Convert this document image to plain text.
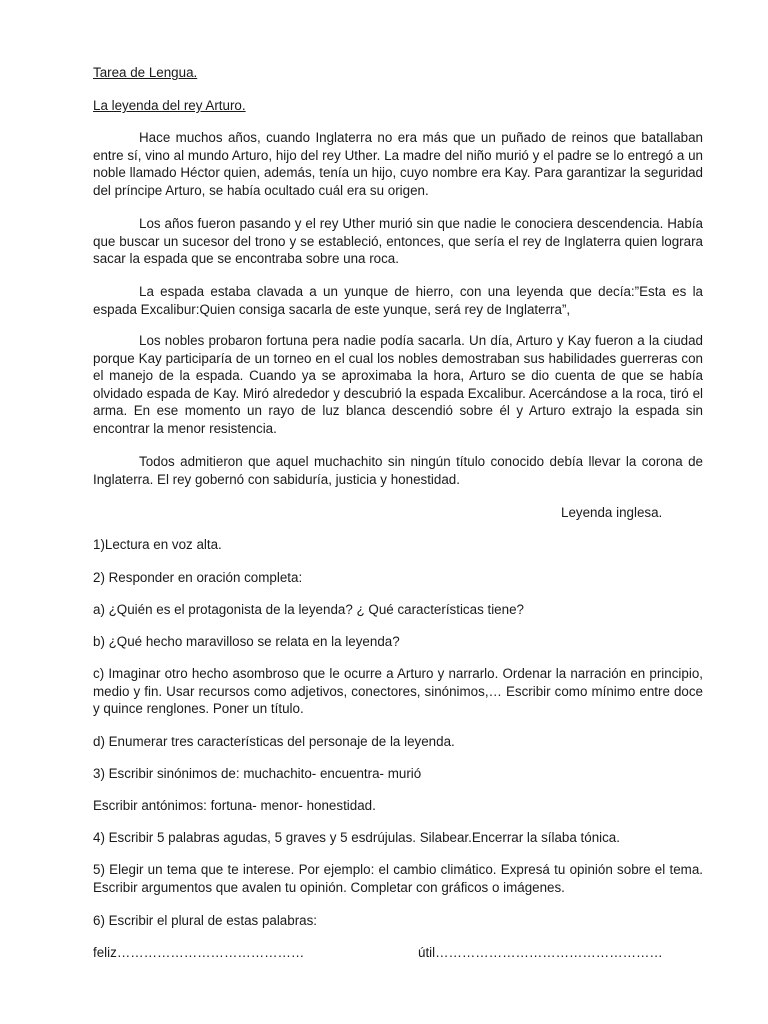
Tarea de Lengua.

La leyenda del rey Arturo.

Hace muchos años, cuando Inglaterra no era más que un puñado de reinos que batallaban entre sí, vino al mundo Arturo, hijo del rey Uther. La madre del niño murió y el padre se lo entregó a un noble llamado Héctor quien, además, tenía un hijo, cuyo nombre era Kay. Para garantizar la seguridad del príncipe Arturo, se había ocultado cuál era su origen.

Los años fueron pasando y el rey Uther murió sin que nadie le conociera descendencia. Había que buscar un sucesor del trono y se estableció, entonces, que sería el rey de Inglaterra quien lograra sacar la espada que se encontraba sobre una roca.

La espada estaba clavada a un yunque de hierro, con una leyenda que decía:”Esta es la espada Excalibur:Quien consiga sacarla de este yunque, será rey de Inglaterra”,

Los nobles probaron fortuna pera nadie podía sacarla. Un día, Arturo y Kay fueron a la ciudad porque Kay participaría de un torneo en el cual los nobles demostraban sus habilidades guerreras con el manejo de la espada. Cuando ya se aproximaba la hora, Arturo se dio cuenta de que se había olvidado espada de Kay. Miró alrededor y descubrió la espada Excalibur. Acercándose a la roca, tiró el arma. En ese momento un rayo de luz blanca descendió sobre él y Arturo extrajo la espada sin encontrar la menor resistencia.

Todos admitieron que aquel muchachito sin ningún título conocido debía llevar la corona de Inglaterra. El rey gobernó con sabiduría, justicia y honestidad.

Leyenda inglesa.

1)Lectura en voz alta.

2) Responder en oración completa:

a) ¿Quién es el protagonista de la leyenda? ¿ Qué características tiene?

b) ¿Qué hecho maravilloso se relata en la leyenda?

c) Imaginar otro hecho asombroso que le ocurre a Arturo y narrarlo. Ordenar la narración en principio, medio y fin. Usar recursos como adjetivos, conectores, sinónimos,… Escribir como mínimo entre doce y quince renglones. Poner un título.

d) Enumerar tres características del personaje de la leyenda.

3) Escribir sinónimos de: muchachito- encuentra- murió

Escribir antónimos: fortuna- menor- honestidad.

4) Escribir 5 palabras agudas, 5 graves y 5 esdrújulas. Silabear.Encerrar la sílaba tónica.

5) Elegir un tema que te interese. Por ejemplo: el cambio climático. Expresá tu opinión sobre el tema. Escribir argumentos que avalen tu opinión. Completar con gráficos o imágenes.

6) Escribir el plural de estas palabras:

feliz……………………………………	útil……………………………………………
